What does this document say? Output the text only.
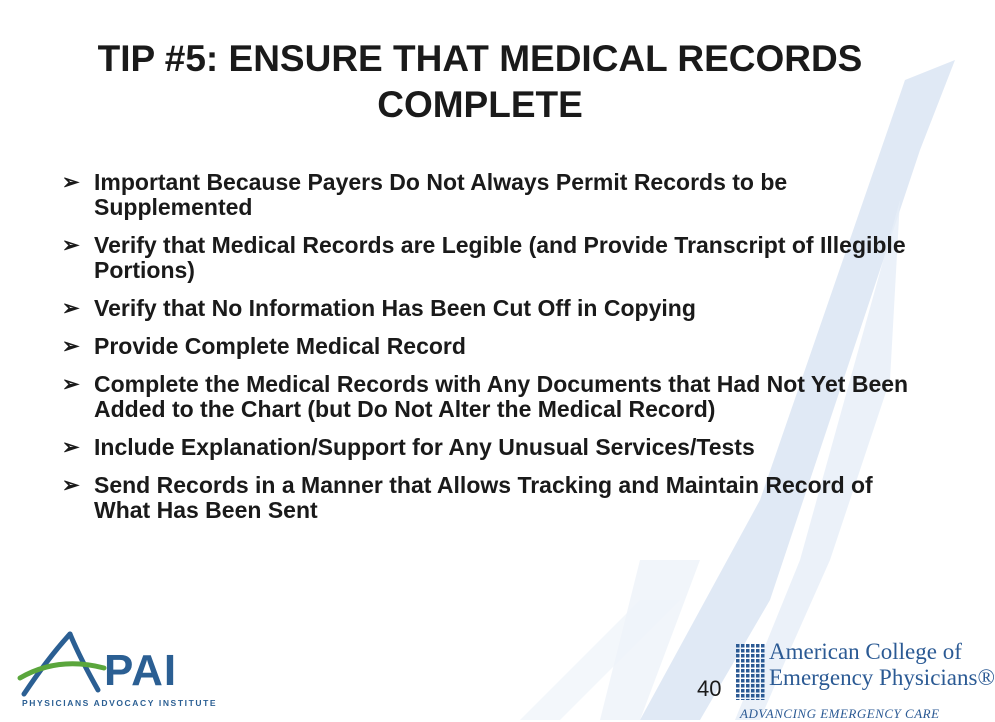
TIP #5: ENSURE THAT MEDICAL RECORDS COMPLETE
➢ Important Because Payers Do Not Always Permit Records to be Supplemented
➢ Verify that Medical Records are Legible (and Provide Transcript of Illegible Portions)
➢ Verify that No Information Has Been Cut Off in Copying
➢ Provide Complete Medical Record
➢ Complete the Medical Records with Any Documents that Had Not Yet Been Added to the Chart (but Do Not Alter the Medical Record)
➢ Include Explanation/Support for Any Unusual Services/Tests
➢ Send Records in a Manner that Allows Tracking and Maintain Record of What Has Been Sent
PAI
PHYSICIANS ADVOCACY INSTITUTE
40
American College of
Emergency Physicians®
ADVANCING EMERGENCY CARE
